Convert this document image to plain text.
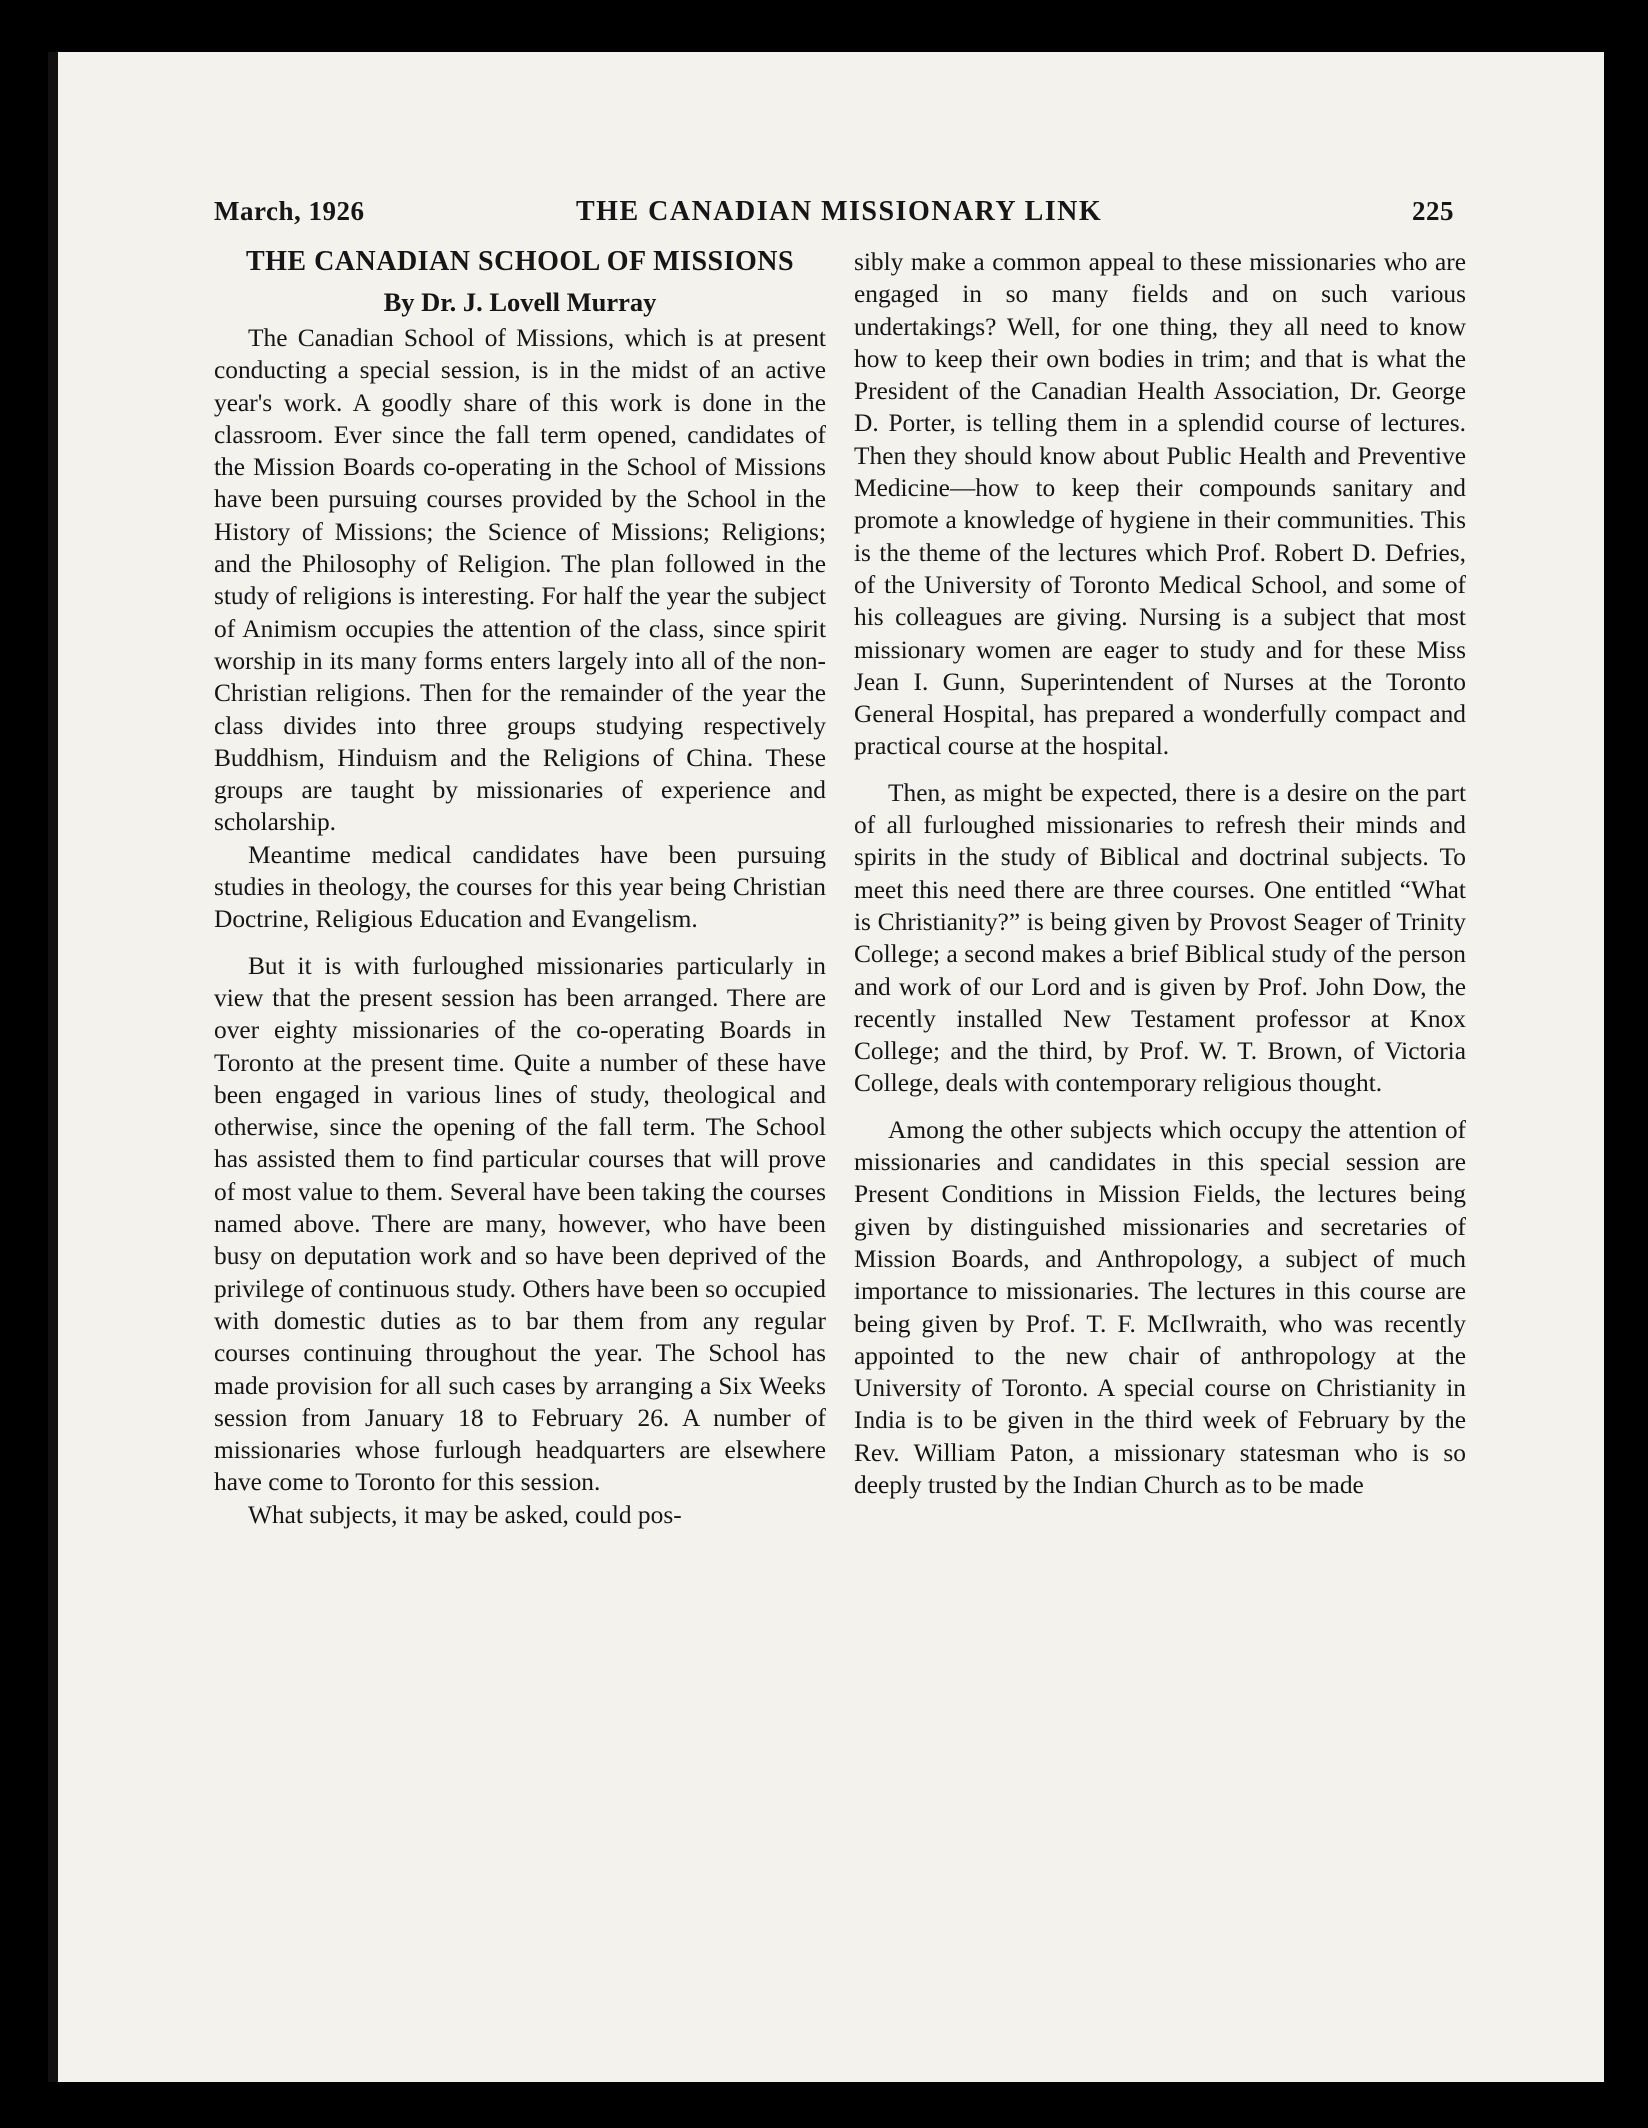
March, 1926	THE CANADIAN MISSIONARY LINK	225
THE CANADIAN SCHOOL OF MISSIONS
By Dr. J. Lovell Murray

The Canadian School of Missions, which is at present conducting a special session, is in the midst of an active year's work. A goodly share of this work is done in the classroom. Ever since the fall term opened, candidates of the Mission Boards co-operating in the School of Missions have been pursuing courses provided by the School in the History of Missions; the Science of Missions; Religions; and the Philosophy of Religion. The plan followed in the study of religions is interesting. For half the year the subject of Animism occupies the attention of the class, since spirit worship in its many forms enters largely into all of the non-Christian religions. Then for the remainder of the year the class divides into three groups studying respectively Buddhism, Hinduism and the Religions of China. These groups are taught by missionaries of experience and scholarship.

Meantime medical candidates have been pursuing studies in theology, the courses for this year being Christian Doctrine, Religious Education and Evangelism.

But it is with furloughed missionaries particularly in view that the present session has been arranged. There are over eighty missionaries of the co-operating Boards in Toronto at the present time. Quite a number of these have been engaged in various lines of study, theological and otherwise, since the opening of the fall term. The School has assisted them to find particular courses that will prove of most value to them. Several have been taking the courses named above. There are many, however, who have been busy on deputation work and so have been deprived of the privilege of continuous study. Others have been so occupied with domestic duties as to bar them from any regular courses continuing throughout the year. The School has made provision for all such cases by arranging a Six Weeks session from January 18 to February 26. A number of missionaries whose furlough headquarters are elsewhere have come to Toronto for this session.

What subjects, it may be asked, could pos-

sibly make a common appeal to these missionaries who are engaged in so many fields and on such various undertakings? Well, for one thing, they all need to know how to keep their own bodies in trim; and that is what the President of the Canadian Health Association, Dr. George D. Porter, is telling them in a splendid course of lectures. Then they should know about Public Health and Preventive Medicine—how to keep their compounds sanitary and promote a knowledge of hygiene in their communities. This is the theme of the lectures which Prof. Robert D. Defries, of the University of Toronto Medical School, and some of his colleagues are giving. Nursing is a subject that most missionary women are eager to study and for these Miss Jean I. Gunn, Superintendent of Nurses at the Toronto General Hospital, has prepared a wonderfully compact and practical course at the hospital.

Then, as might be expected, there is a desire on the part of all furloughed missionaries to refresh their minds and spirits in the study of Biblical and doctrinal subjects. To meet this need there are three courses. One entitled “What is Christianity?” is being given by Provost Seager of Trinity College; a second makes a brief Biblical study of the person and work of our Lord and is given by Prof. John Dow, the recently installed New Testament professor at Knox College; and the third, by Prof. W. T. Brown, of Victoria College, deals with contemporary religious thought.

Among the other subjects which occupy the attention of missionaries and candidates in this special session are Present Conditions in Mission Fields, the lectures being given by distinguished missionaries and secretaries of Mission Boards, and Anthropology, a subject of much importance to missionaries. The lectures in this course are being given by Prof. T. F. McIlwraith, who was recently appointed to the new chair of anthropology at the University of Toronto. A special course on Christianity in India is to be given in the third week of February by the Rev. William Paton, a missionary statesman who is so deeply trusted by the Indian Church as to be made
